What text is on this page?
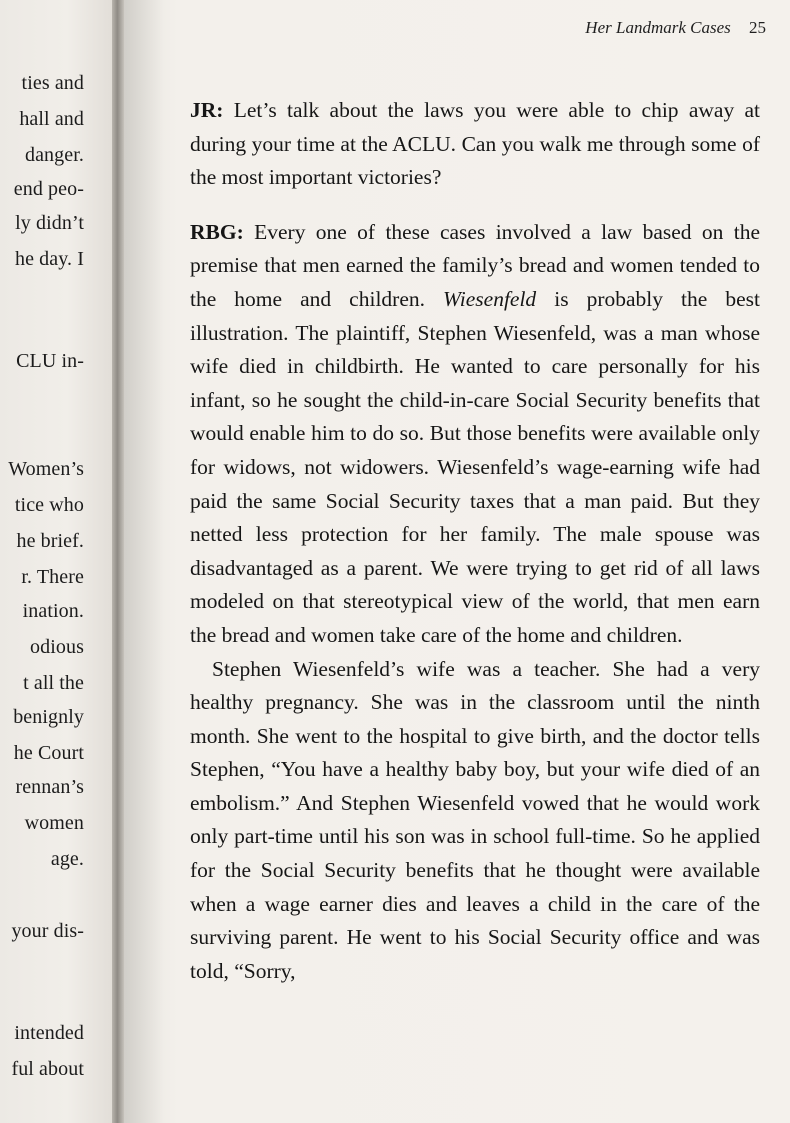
ties and
hall and
danger.
end peo-
ly didn’t
he day. I
CLU in-
Women’s
tice who
he brief.
r. There
ination.
odious
t all the
benignly
he Court
rennan’s
women
age.
your dis-
intended
ful about
Her Landmark Cases 25

JR: Let’s talk about the laws you were able to chip away at during your time at the ACLU. Can you walk me through some of the most important victories?

RBG: Every one of these cases involved a law based on the premise that men earned the family’s bread and women tended to the home and children. Wiesenfeld is probably the best illustration. The plaintiff, Stephen Wiesenfeld, was a man whose wife died in childbirth. He wanted to care personally for his infant, so he sought the child-in-care Social Security benefits that would enable him to do so. But those benefits were available only for widows, not widowers. Wiesenfeld’s wage-earning wife had paid the same Social Security taxes that a man paid. But they netted less protection for her family. The male spouse was disadvantaged as a parent. We were trying to get rid of all laws modeled on that stereotypical view of the world, that men earn the bread and women take care of the home and children.

Stephen Wiesenfeld’s wife was a teacher. She had a very healthy pregnancy. She was in the classroom until the ninth month. She went to the hospital to give birth, and the doctor tells Stephen, “You have a healthy baby boy, but your wife died of an embolism.” And Stephen Wiesenfeld vowed that he would work only part-time until his son was in school full-time. So he applied for the Social Security benefits that he thought were available when a wage earner dies and leaves a child in the care of the surviving parent. He went to his Social Security office and was told, “Sorry,
